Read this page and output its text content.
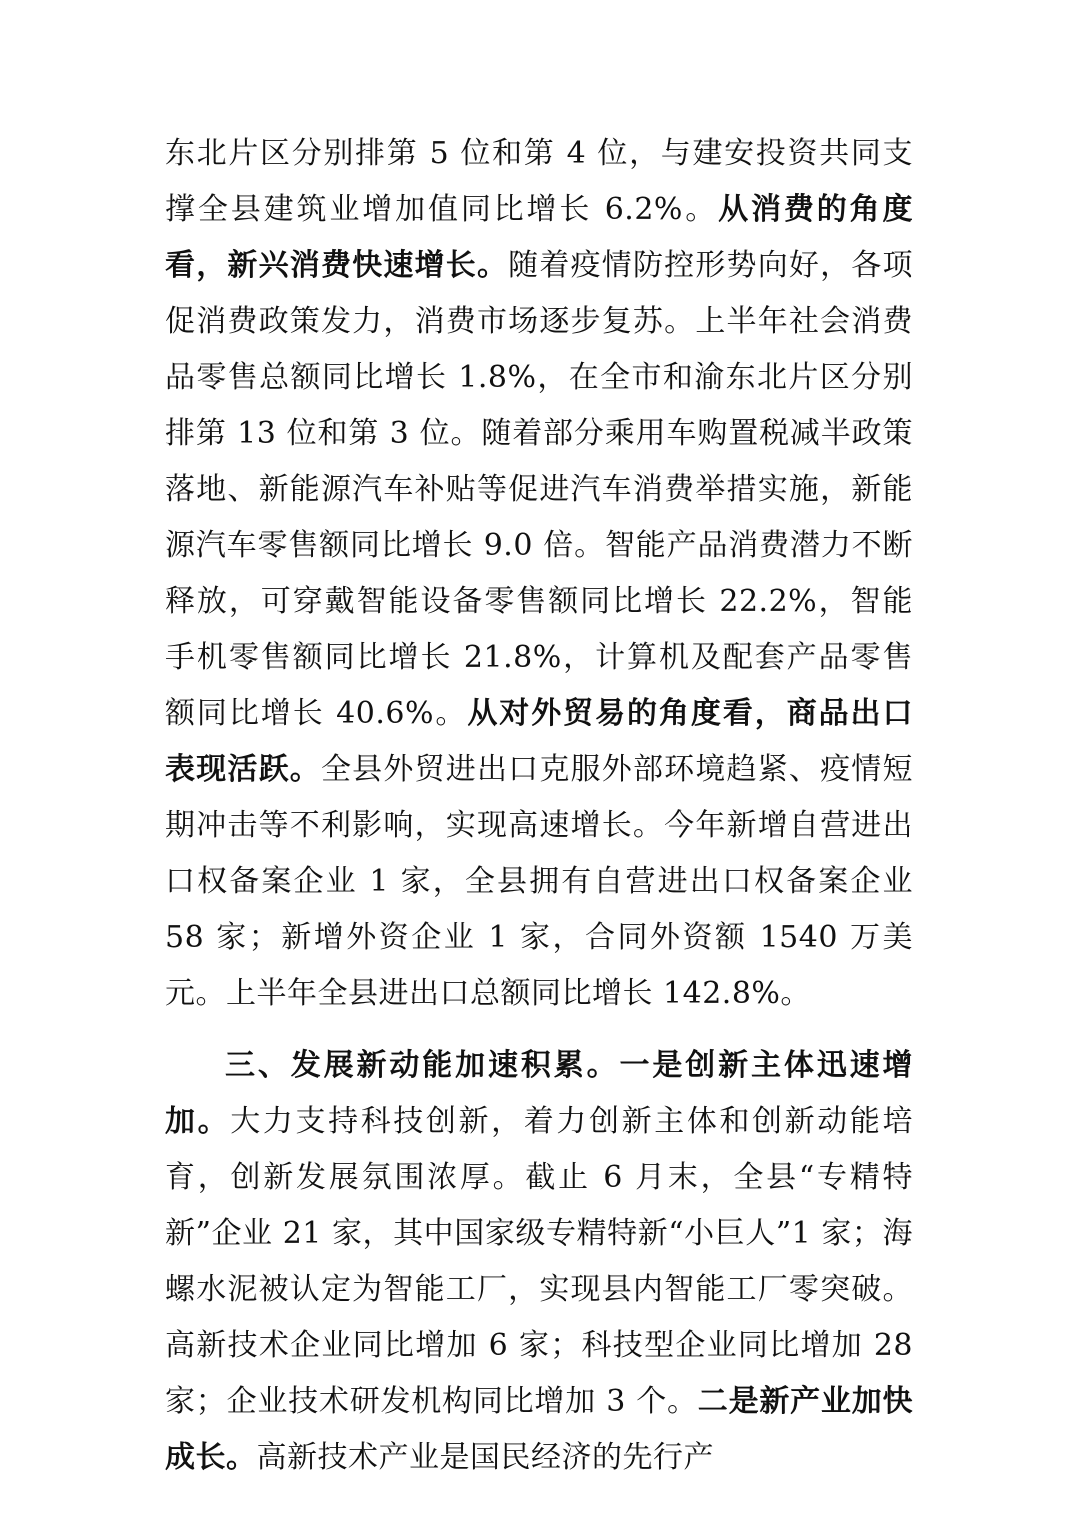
东北片区分别排第 5 位和第 4 位，与建安投资共同支撑全县建筑业增加值同比增长 6.2%。从消费的角度看，新兴消费快速增长。随着疫情防控形势向好，各项促消费政策发力，消费市场逐步复苏。上半年社会消费品零售总额同比增长 1.8%，在全市和渝东北片区分别排第 13 位和第 3 位。随着部分乘用车购置税减半政策落地、新能源汽车补贴等促进汽车消费举措实施，新能源汽车零售额同比增长 9.0 倍。智能产品消费潜力不断释放，可穿戴智能设备零售额同比增长 22.2%，智能手机零售额同比增长 21.8%，计算机及配套产品零售额同比增长 40.6%。从对外贸易的角度看，商品出口表现活跃。全县外贸进出口克服外部环境趋紧、疫情短期冲击等不利影响，实现高速增长。今年新增自营进出口权备案企业 1 家，全县拥有自营进出口权备案企业 58 家；新增外资企业 1 家，合同外资额 1540 万美元。上半年全县进出口总额同比增长 142.8%。

三、发展新动能加速积累。一是创新主体迅速增加。大力支持科技创新，着力创新主体和创新动能培育，创新发展氛围浓厚。截止 6 月末，全县“专精特新”企业 21 家，其中国家级专精特新“小巨人”1 家；海螺水泥被认定为智能工厂，实现县内智能工厂零突破。高新技术企业同比增加 6 家；科技型企业同比增加 28 家；企业技术研发机构同比增加 3 个。二是新产业加快成长。高新技术产业是国民经济的先行产
